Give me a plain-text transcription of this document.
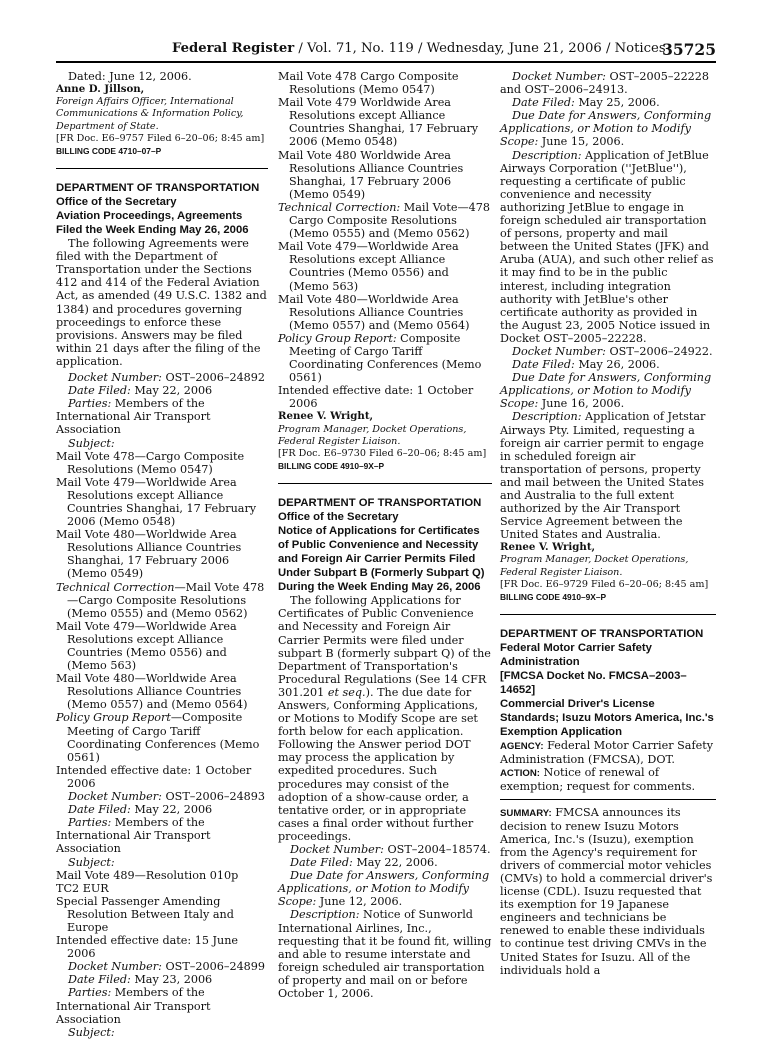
Federal Register / Vol. 71, No. 119 / Wednesday, June 21, 2006 / Notices
35725

Dated: June 12, 2006.

Anne D. Jillson,

Foreign Affairs Officer, International Communications & Information Policy, Department of State.

[FR Doc. E6–9757 Filed 6–20–06; 8:45 am]

BILLING CODE 4710–07–P

DEPARTMENT OF TRANSPORTATION

Office of the Secretary

Aviation Proceedings, Agreements Filed the Week Ending May 26, 2006

The following Agreements were filed with the Department of Transportation under the Sections 412 and 414 of the Federal Aviation Act, as amended (49 U.S.C. 1382 and 1384) and procedures governing proceedings to enforce these provisions. Answers may be filed within 21 days after the filing of the application.

Docket Number: OST–2006–24892

Date Filed: May 22, 2006

Parties: Members of the International Air Transport Association

Subject:

Mail Vote 478—Cargo Composite Resolutions (Memo 0547)

Mail Vote 479—Worldwide Area Resolutions except Alliance Countries Shanghai, 17 February 2006 (Memo 0548)

Mail Vote 480—Worldwide Area Resolutions Alliance Countries Shanghai, 17 February 2006 (Memo 0549)

Technical Correction—Mail Vote 478—Cargo Composite Resolutions (Memo 0555) and (Memo 0562)

Mail Vote 479—Worldwide Area Resolutions except Alliance Countries (Memo 0556) and (Memo 563)

Mail Vote 480—Worldwide Area Resolutions Alliance Countries (Memo 0557) and (Memo 0564)

Policy Group Report—Composite Meeting of Cargo Tariff Coordinating Conferences (Memo 0561)

Intended effective date: 1 October 2006

Docket Number: OST–2006–24893

Date Filed: May 22, 2006

Parties: Members of the International Air Transport Association

Subject:

Mail Vote 489—Resolution 010p

TC2 EUR

Special Passenger Amending Resolution Between Italy and Europe

Intended effective date: 15 June 2006

Docket Number: OST–2006–24899

Date Filed: May 23, 2006

Parties: Members of the International Air Transport Association

Subject:

Mail Vote 478 Cargo Composite Resolutions (Memo 0547)

Mail Vote 479 Worldwide Area Resolutions except Alliance Countries Shanghai, 17 February 2006 (Memo 0548)

Mail Vote 480 Worldwide Area Resolutions Alliance Countries Shanghai, 17 February 2006 (Memo 0549)

Technical Correction: Mail Vote—478 Cargo Composite Resolutions (Memo 0555) and (Memo 0562)

Mail Vote 479—Worldwide Area Resolutions except Alliance Countries (Memo 0556) and (Memo 563)

Mail Vote 480—Worldwide Area Resolutions Alliance Countries (Memo 0557) and (Memo 0564)

Policy Group Report: Composite Meeting of Cargo Tariff Coordinating Conferences (Memo 0561)

Intended effective date: 1 October 2006

Renee V. Wright,

Program Manager, Docket Operations, Federal Register Liaison.

[FR Doc. E6–9730 Filed 6–20–06; 8:45 am]

BILLING CODE 4910–9X–P

DEPARTMENT OF TRANSPORTATION

Office of the Secretary

Notice of Applications for Certificates of Public Convenience and Necessity and Foreign Air Carrier Permits Filed Under Subpart B (Formerly Subpart Q) During the Week Ending May 26, 2006

The following Applications for Certificates of Public Convenience and Necessity and Foreign Air Carrier Permits were filed under subpart B (formerly subpart Q) of the Department of Transportation's Procedural Regulations (See 14 CFR 301.201 et seq.). The due date for Answers, Conforming Applications, or Motions to Modify Scope are set forth below for each application. Following the Answer period DOT may process the application by expedited procedures. Such procedures may consist of the adoption of a show-cause order, a tentative order, or in appropriate cases a final order without further proceedings.

Docket Number: OST–2004–18574.

Date Filed: May 22, 2006.

Due Date for Answers, Conforming Applications, or Motion to Modify Scope: June 12, 2006.

Description: Notice of Sunworld International Airlines, Inc., requesting that it be found fit, willing and able to resume interstate and foreign scheduled air transportation of property and mail on or before October 1, 2006.

Docket Number: OST–2005–22228 and OST–2006–24913.

Date Filed: May 25, 2006.

Due Date for Answers, Conforming Applications, or Motion to Modify Scope: June 15, 2006.

Description: Application of JetBlue Airways Corporation (''JetBlue''), requesting a certificate of public convenience and necessity authorizing JetBlue to engage in foreign scheduled air transportation of persons, property and mail between the United States (JFK) and Aruba (AUA), and such other relief as it may find to be in the public interest, including integration authority with JetBlue's other certificate authority as provided in the August 23, 2005 Notice issued in Docket OST–2005–22228.

Docket Number: OST–2006–24922.

Date Filed: May 26, 2006.

Due Date for Answers, Conforming Applications, or Motion to Modify Scope: June 16, 2006.

Description: Application of Jetstar Airways Pty. Limited, requesting a foreign air carrier permit to engage in scheduled foreign air transportation of persons, property and mail between the United States and Australia to the full extent authorized by the Air Transport Service Agreement between the United States and Australia.

Renee V. Wright,

Program Manager, Docket Operations, Federal Register Liaison.

[FR Doc. E6–9729 Filed 6–20–06; 8:45 am]

BILLING CODE 4910–9X–P

DEPARTMENT OF TRANSPORTATION

Federal Motor Carrier Safety Administration

[FMCSA Docket No. FMCSA–2003–14652]

Commercial Driver's License Standards; Isuzu Motors America, Inc.'s Exemption Application

AGENCY: Federal Motor Carrier Safety Administration (FMCSA), DOT.

ACTION: Notice of renewal of exemption; request for comments.

SUMMARY: FMCSA announces its decision to renew Isuzu Motors America, Inc.'s (Isuzu), exemption from the Agency's requirement for drivers of commercial motor vehicles (CMVs) to hold a commercial driver's license (CDL). Isuzu requested that its exemption for 19 Japanese engineers and technicians be renewed to enable these individuals to continue test driving CMVs in the United States for Isuzu. All of the individuals hold a
